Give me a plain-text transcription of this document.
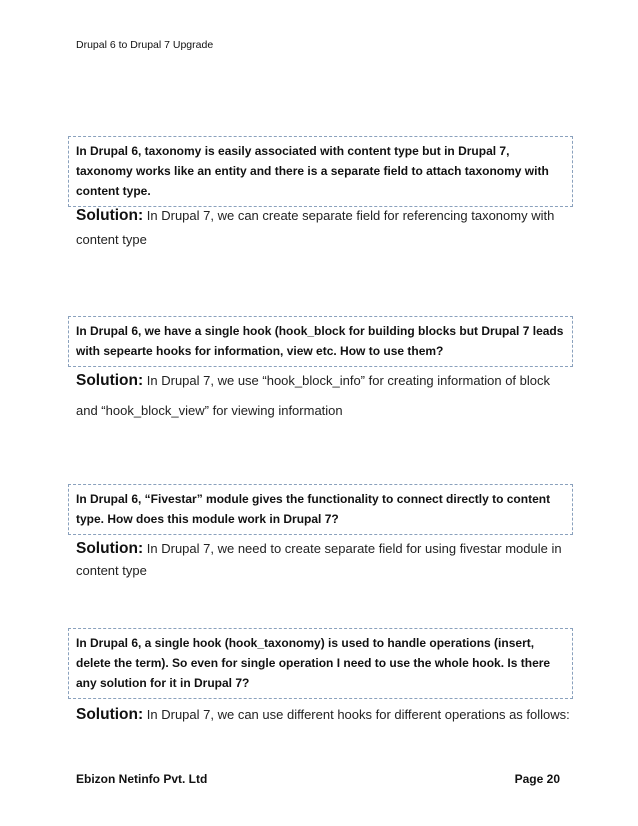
Drupal 6 to Drupal 7 Upgrade
In Drupal 6, taxonomy is easily associated with content type but in Drupal 7, taxonomy works like an entity and there is a separate field to attach taxonomy with content type.
Solution: In Drupal 7, we can create separate field for referencing taxonomy with content type
In Drupal 6, we have a single hook (hook_block for building blocks but Drupal 7 leads with sepearte hooks for information, view etc. How to use them?
Solution: In Drupal 7, we use “hook_block_info” for creating information of block and “hook_block_view” for viewing information
In Drupal 6, “Fivestar” module gives the functionality to connect directly to content type. How does this module work in Drupal 7?
Solution: In Drupal 7, we need to create separate field for using fivestar module in content type
In Drupal 6, a single hook (hook_taxonomy) is used to handle operations (insert, delete the term). So even for single operation I need to use the whole hook. Is there any solution for it in Drupal 7?
Solution: In Drupal 7, we can use different hooks for different operations as follows:
Ebizon Netinfo Pvt. Ltd	Page 20
